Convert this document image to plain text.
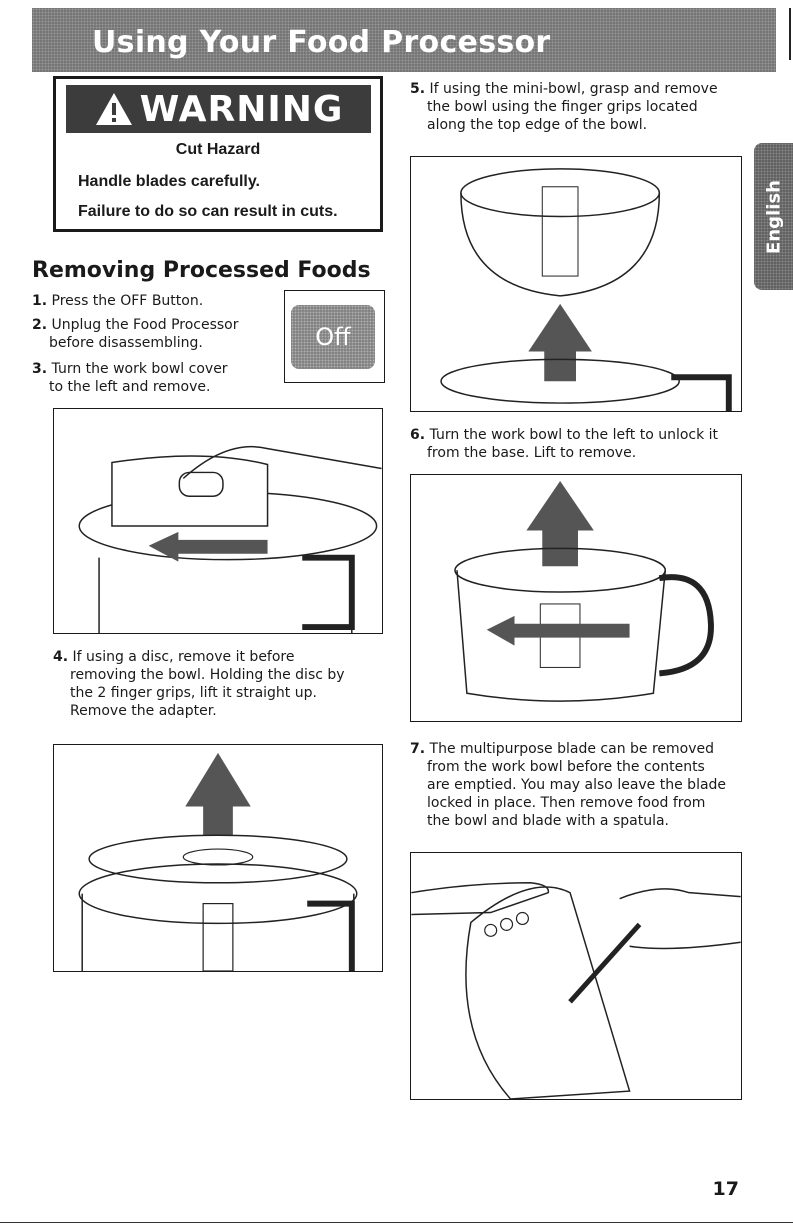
Using Your Food Processor
WARNING

Cut Hazard

Handle blades carefully.

Failure to do so can result in cuts.

Removing Processed Foods

1. Press the OFF Button.

2. Unplug the Food Processor
before disassembling.

3. Turn the work bowl cover
to the left and remove.

Off

4. If using a disc, remove it before
removing the bowl. Holding the disc by
the 2 finger grips, lift it straight up.
Remove the adapter.

5. If using the mini-bowl, grasp and remove
the bowl using the finger grips located
along the top edge of the bowl.

6. Turn the work bowl to the left to unlock it
from the base. Lift to remove.

7. The multipurpose blade can be removed
from the work bowl before the contents
are emptied. You may also leave the blade
locked in place. Then remove food from
the bowl and blade with a spatula.

English

17
